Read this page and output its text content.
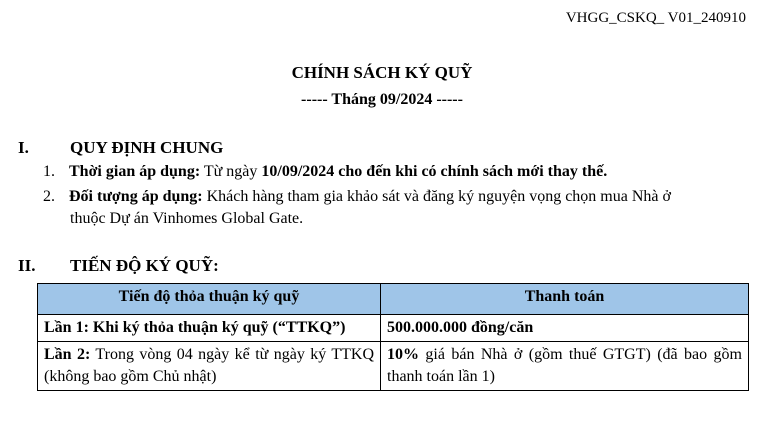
VHGG_CSKQ_ V01_240910
CHÍNH SÁCH KÝ QUỸ
----- Tháng 09/2024 -----
I. QUY ĐỊNH CHUNG
1. Thời gian áp dụng: Từ ngày 10/09/2024 cho đến khi có chính sách mới thay thế.
2. Đối tượng áp dụng: Khách hàng tham gia khảo sát và đăng ký nguyện vọng chọn mua Nhà ở
thuộc Dự án Vinhomes Global Gate.
II. TIẾN ĐỘ KÝ QUỸ:
Tiến độ thỏa thuận ký quỹ	Thanh toán
Lần 1: Khi ký thỏa thuận ký quỹ (“TTKQ”)	500.000.000 đồng/căn
Lần 2: Trong vòng 04 ngày kể từ ngày ký TTKQ (không bao gồm Chủ nhật)	10% giá bán Nhà ở (gồm thuế GTGT) (đã bao gồm thanh toán lần 1)
